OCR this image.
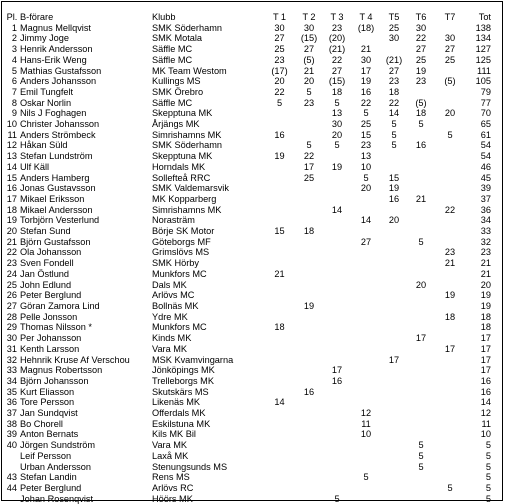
Pl.	B-förare	Klubb	T 1	T 2	T 3	T 4	T5	T6	T7	Tot
1	Magnus Mellqvist	SMK Söderhamn	30	30	23	(18)	25	30		138
2	Jimmy Joge	SMK Motala	27	(15)	(20)		30	22	30	134
3	Henrik Andersson	Säffle MC	25	27	(21)	21		27	27	127
4	Hans-Erik Weng	Säffle MC	23	(5)	22	30	(21)	25	25	125
5	Mathias Gustafsson	MK Team Westom	(17)	21	27	17	27	19		111
6	Anders Johansson	Kullings MS	20	20	(15)	19	23	23	(5)	105
7	Emil Tungfelt	SMK Örebro	22	5	18	16	18			79
8	Oskar Norlin	Säffle MC	5	23	5	22	22	(5)		77
9	Nils J Foghagen	Skepptuna MK			13	5	14	18	20	70
10	Christer Johansson	Årjängs MK			30	25	5	5		65
11	Anders Strömbeck	Simrishamns MK	16		20	15	5		5	61
12	Håkan Süld	SMK Söderhamn		5	5	23	5	16		54
13	Stefan Lundström	Skepptuna MK	19	22		13				54
14	Ulf Käll	Horndals MK		17	19	10				46
15	Anders Hamberg	Sollefteå RRC		25		5	15			45
16	Jonas Gustavsson	SMK Valdemarsvik				20	19			39
17	Mikael Eriksson	MK Kopparberg					16	21		37
18	Mikael Andersson	Simrishamns MK			14				22	36
19	Torbjörn Vesterlund	Norasträm				14	20			34
20	Stefan Sund	Börje SK Motor	15	18						33
21	Björn Gustafsson	Göteborgs MF				27		5		32
22	Ola Johansson	Grimslövs MS							23	23
23	Sven Fondell	SMK Hörby							21	21
24	Jan Östlund	Munkfors MC	21							21
25	John Edlund	Dals MK						20		20
26	Peter Berglund	Arlövs MC							19	19
27	Göran Zamora Lind	Bollnäs MK		19						19
28	Pelle Jonsson	Ydre MK							18	18
29	Thomas Nilsson *	Munkfors MC	18							18
30	Per Johansson	Kinds MK						17		17
31	Kenth Larsson	Vara MK							17	17
32	Hehnrik Kruse Af Verschou	MSK Kvamvingarna					17			17
33	Magnus Robertsson	Jönköpings MK			17					17
34	Björn Johansson	Trelleborgs MK			16					16
35	Kurt Eliasson	Skutskärs MS		16						16
36	Tore Persson	Likenäs MK	14							14
37	Jan Sundqvist	Offerdals MK				12				12
38	Bo Chorell	Eskilstuna MK				11				11
39	Anton Bernats	Kils MK Bil				10				10
40	Jörgen Sundström	Vara MK						5		5
	Leif Persson	Laxå MK						5		5
	Urban Andersson	Stenungsunds MS						5		5
43	Stefan Landin	Rens MS				5				5
44	Peter Berglund	Arlövs RC							5	5
	Johan Rosenqvist	Höörs MK			5					5
